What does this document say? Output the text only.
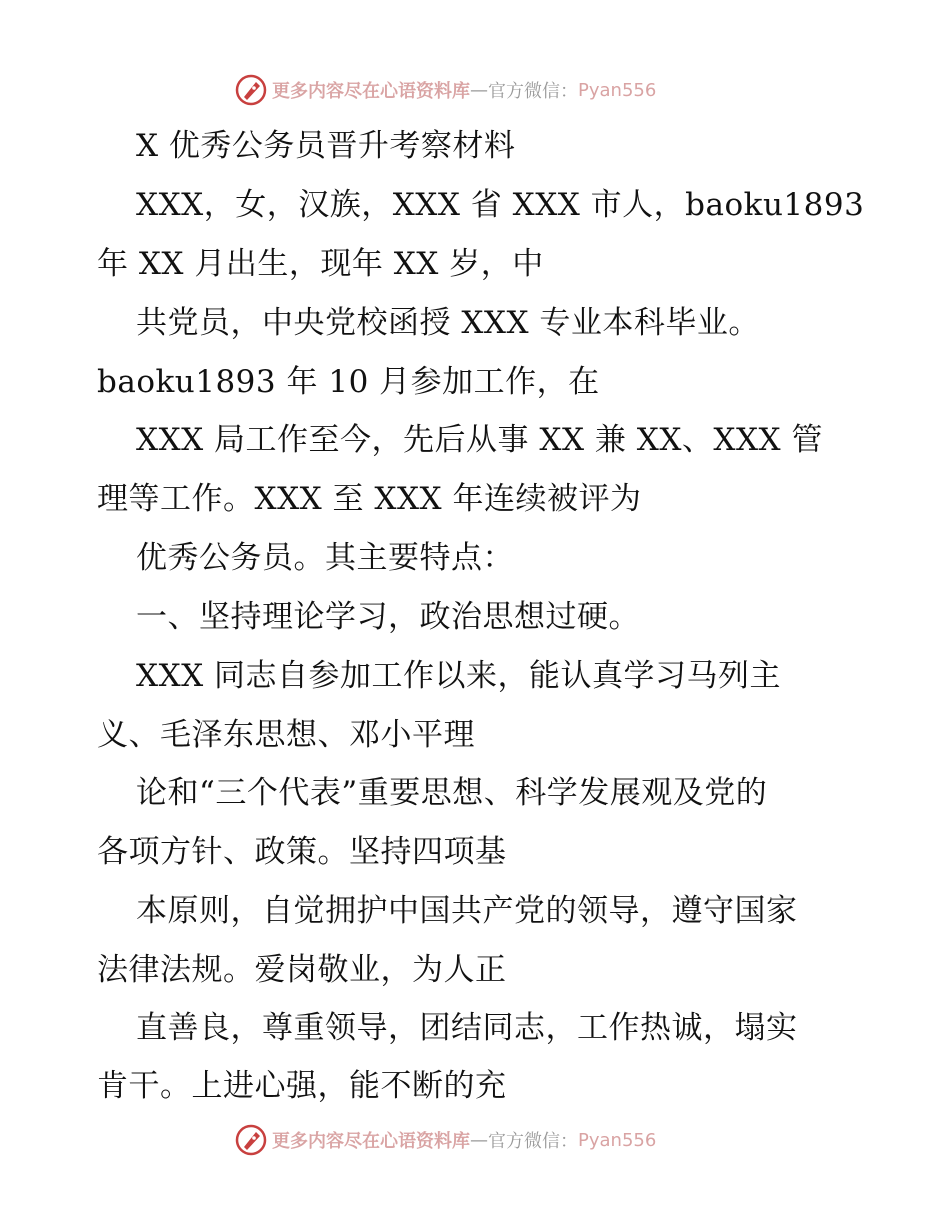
更多内容尽在心语资料库 — 官方微信： Pyan556
X 优秀公务员晋升考察材料
XXX，女，汉族，XXX 省 XXX 市人，baoku1893
年 XX 月出生，现年 XX 岁，中
共党员，中央党校函授 XXX 专业本科毕业。
baoku1893 年 10 月参加工作，在
XXX 局工作至今，先后从事 XX 兼 XX、XXX 管
理等工作。XXX 至 XXX 年连续被评为
优秀公务员。其主要特点：
一、坚持理论学习，政治思想过硬。
XXX 同志自参加工作以来，能认真学习马列主
义、毛泽东思想、邓小平理
论和“三个代表”重要思想、科学发展观及党的
各项方针、政策。坚持四项基
本原则，自觉拥护中国共产党的领导，遵守国家
法律法规。爱岗敬业，为人正
直善良，尊重领导，团结同志，工作热诚，塌实
肯干。上进心强，能不断的充
更多内容尽在心语资料库 — 官方微信： Pyan556
